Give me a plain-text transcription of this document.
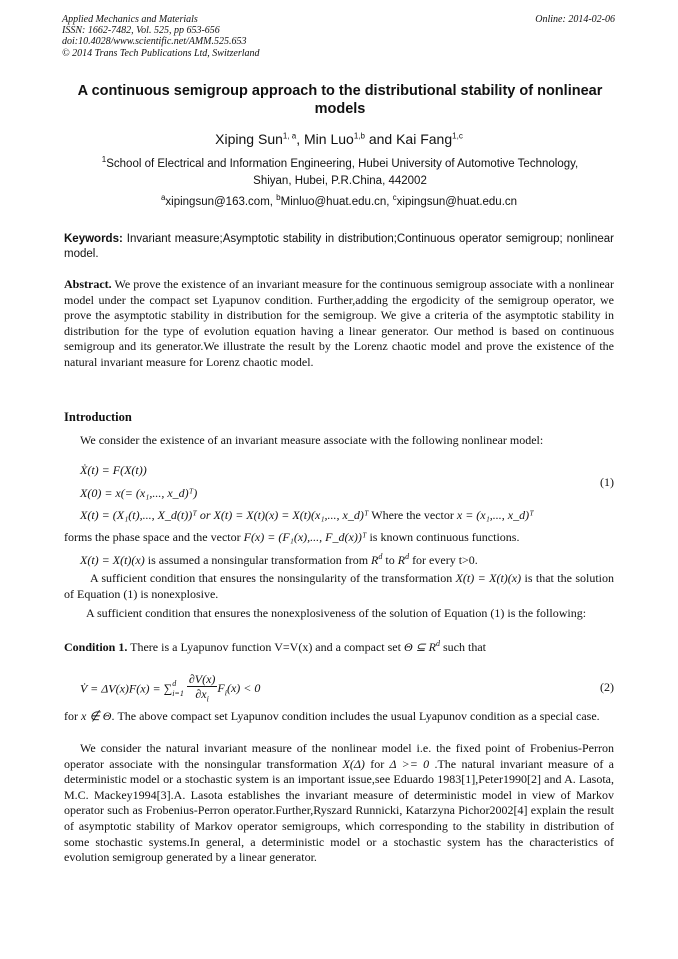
Applied Mechanics and Materials
ISSN: 1662-7482, Vol. 525, pp 653-656
doi:10.4028/www.scientific.net/AMM.525.653
© 2014 Trans Tech Publications Ltd, Switzerland
Online: 2014-02-06
A continuous semigroup approach to the distributional stability of nonlinear models
Xiping Sun$^{1, a}$, Min Luo$^{1,b}$ and Kai Fang$^{1,c}$
$^1$School of Electrical and Information Engineering, Hubei University of Automotive Technology,
Shiyan, Hubei, P.R.China, 442002
$^a$xipingsun@163.com, $^b$Minluo@huat.edu.cn, $^c$xipingsun@huat.edu.cn
Keywords: Invariant measure;Asymptotic stability in distribution;Continuous operator semigroup; nonlinear model.
Abstract. We prove the existence of an invariant measure for the continuous semigroup associate with a nonlinear model under the compact set Lyapunov condition. Further,adding the ergodicity of the semigroup operator, we prove the asymptotic stability in distribution for the semigroup. We give a criteria of the asymptotic stability in distribution for the type of evolution equation having a linear generator. Our method is based on continuous semigroup and its generator.We illustrate the result by the Lorenz chaotic model and prove the existence of the natural invariant measure for Lorenz chaotic model.
Introduction
We consider the existence of an invariant measure associate with the following nonlinear model:
Ẋ(t) = F(X(t))
X(0) = x(= (x₁,..., x_d)ᵀ)
(1)
X(t) = (X₁(t),..., X_d(t))ᵀ or X(t) = X(t)(x) = X(t)(x₁,..., x_d)ᵀ Where the vector x = (x₁,..., x_d)ᵀ
forms the phase space and the vector F(x) = (F₁(x),..., F_d(x))ᵀ is known continuous functions.
X(t) = X(t)(x) is assumed a nonsingular transformation from $R^d$ to $R^d$ for every t>0.
A sufficient condition that ensures the nonsingularity of the transformation X(t) = X(t)(x) is that the solution of Equation (1) is nonexplosive.
A sufficient condition that ensures the nonexplosiveness of the solution of Equation (1) is the following:
Condition 1. There is a Lyapunov function V=V(x) and a compact set Θ ⊆ $R^d$ such that
V̇ = ΔV(x)F(x) = ∑ d
$i=1 \frac{\partial V(x)}{\partial x_i} F_i(x) < 0$	(2)
for x ∉ Θ. The above compact set Lyapunov condition includes the usual Lyapunov condition as a special case.
We consider the natural invariant measure of the nonlinear model i.e. the fixed point of Frobenius-Perron operator associate with the nonsingular transformation X(Δ) for Δ >= 0 .The natural invariant measure of a deterministic model or a stochastic system is an important issue,see Eduardo 1983[1],Peter1990[2] and A. Lasota, M.C. Mackey1994[3].A. Lasota establishes the invariant measure of deterministic model in view of Markov operator such as Frobenius-Perron operator.Further,Ryszard Runnicki, Katarzyna Pichor2002[4] explain the result of asymptotic stability of Markov operator semigroups, which corresponding to the stability in distribution of some stochastic systems.In general, a deterministic model or a stochastic system has the characteristics of evolution semigroup generated by a linear generator.
